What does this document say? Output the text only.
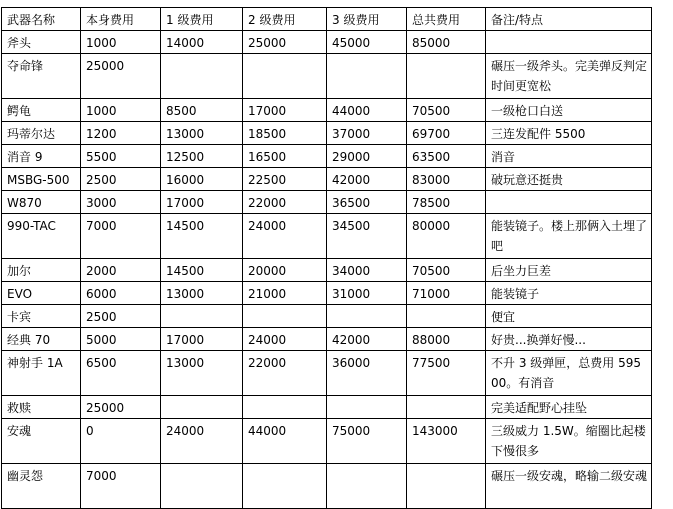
武器名称	本身费用	1 级费用	2 级费用	3 级费用	总共费用	备注/特点
斧头	1000	14000	25000	45000	85000	
夺命锋	25000					碾压一级斧头。完美弹反判定时间更宽松
鳄龟	1000	8500	17000	44000	70500	一级枪口白送
玛蒂尔达	1200	13000	18500	37000	69700	三连发配件 5500
消音 9	5500	12500	16500	29000	63500	消音
MSBG-500	2500	16000	22500	42000	83000	破玩意还挺贵
W870	3000	17000	22000	36500	78500	
990-TAC	7000	14500	24000	34500	80000	能装镜子。楼上那俩入土埋了吧
加尔	2000	14500	20000	34000	70500	后坐力巨差
EVO	6000	13000	21000	31000	71000	能装镜子
卡宾	2500					便宜
经典 70	5000	17000	24000	42000	88000	好贵...换弹好慢...
神射手 1A	6500	13000	22000	36000	77500	不升 3 级弹匣，总费用 59500。有消音
救赎	25000					完美适配野心挂坠
安魂	0	24000	44000	75000	143000	三级威力 1.5W。缩圈比起楼下慢很多
幽灵怨	7000					碾压一级安魂，略输二级安魂
